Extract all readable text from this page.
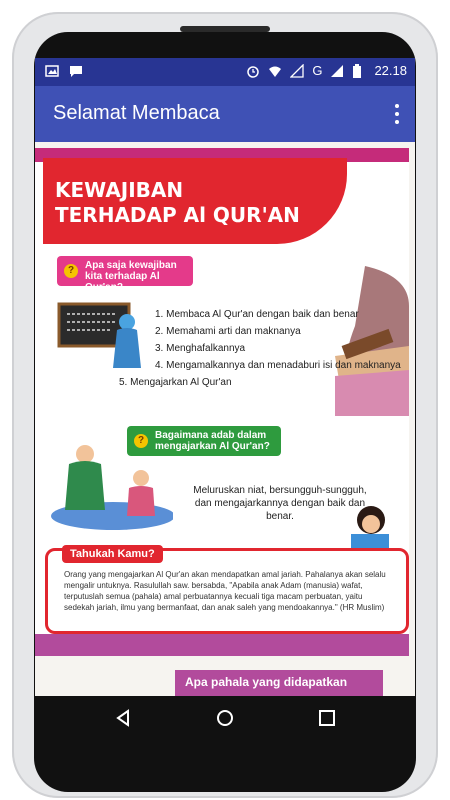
G	22.18
Selamat Membaca
KEWAJIBAN
TERHADAP Al QUR'AN
?	Apa saja kewajiban kita terhadap Al Qur'an?
1. Membaca Al Qur'an dengan baik dan benar
2. Memahami arti dan maknanya
3. Menghafalkannya
4. Mengamalkannya dan menadaburi isi dan maknanya
5. Mengajarkan Al Qur'an
?	Bagaimana adab dalam mengajarkan Al Qur'an?
Meluruskan niat, bersungguh-sungguh, dan mengajarkannya dengan baik dan benar.
Tahukah Kamu?
Orang yang mengajarkan Al Qur'an akan mendapatkan amal jariah. Pahalanya akan selalu mengalir untuknya. Rasulullah saw. bersabda, "Apabila anak Adam (manusia) wafat, terputuslah semua (pahala) amal perbuatannya kecuali tiga macam perbuatan, yaitu sedekah jariah, ilmu yang bermanfaat, dan anak saleh yang mendoakannya." (HR Muslim)
Apa pahala yang didapatkan
